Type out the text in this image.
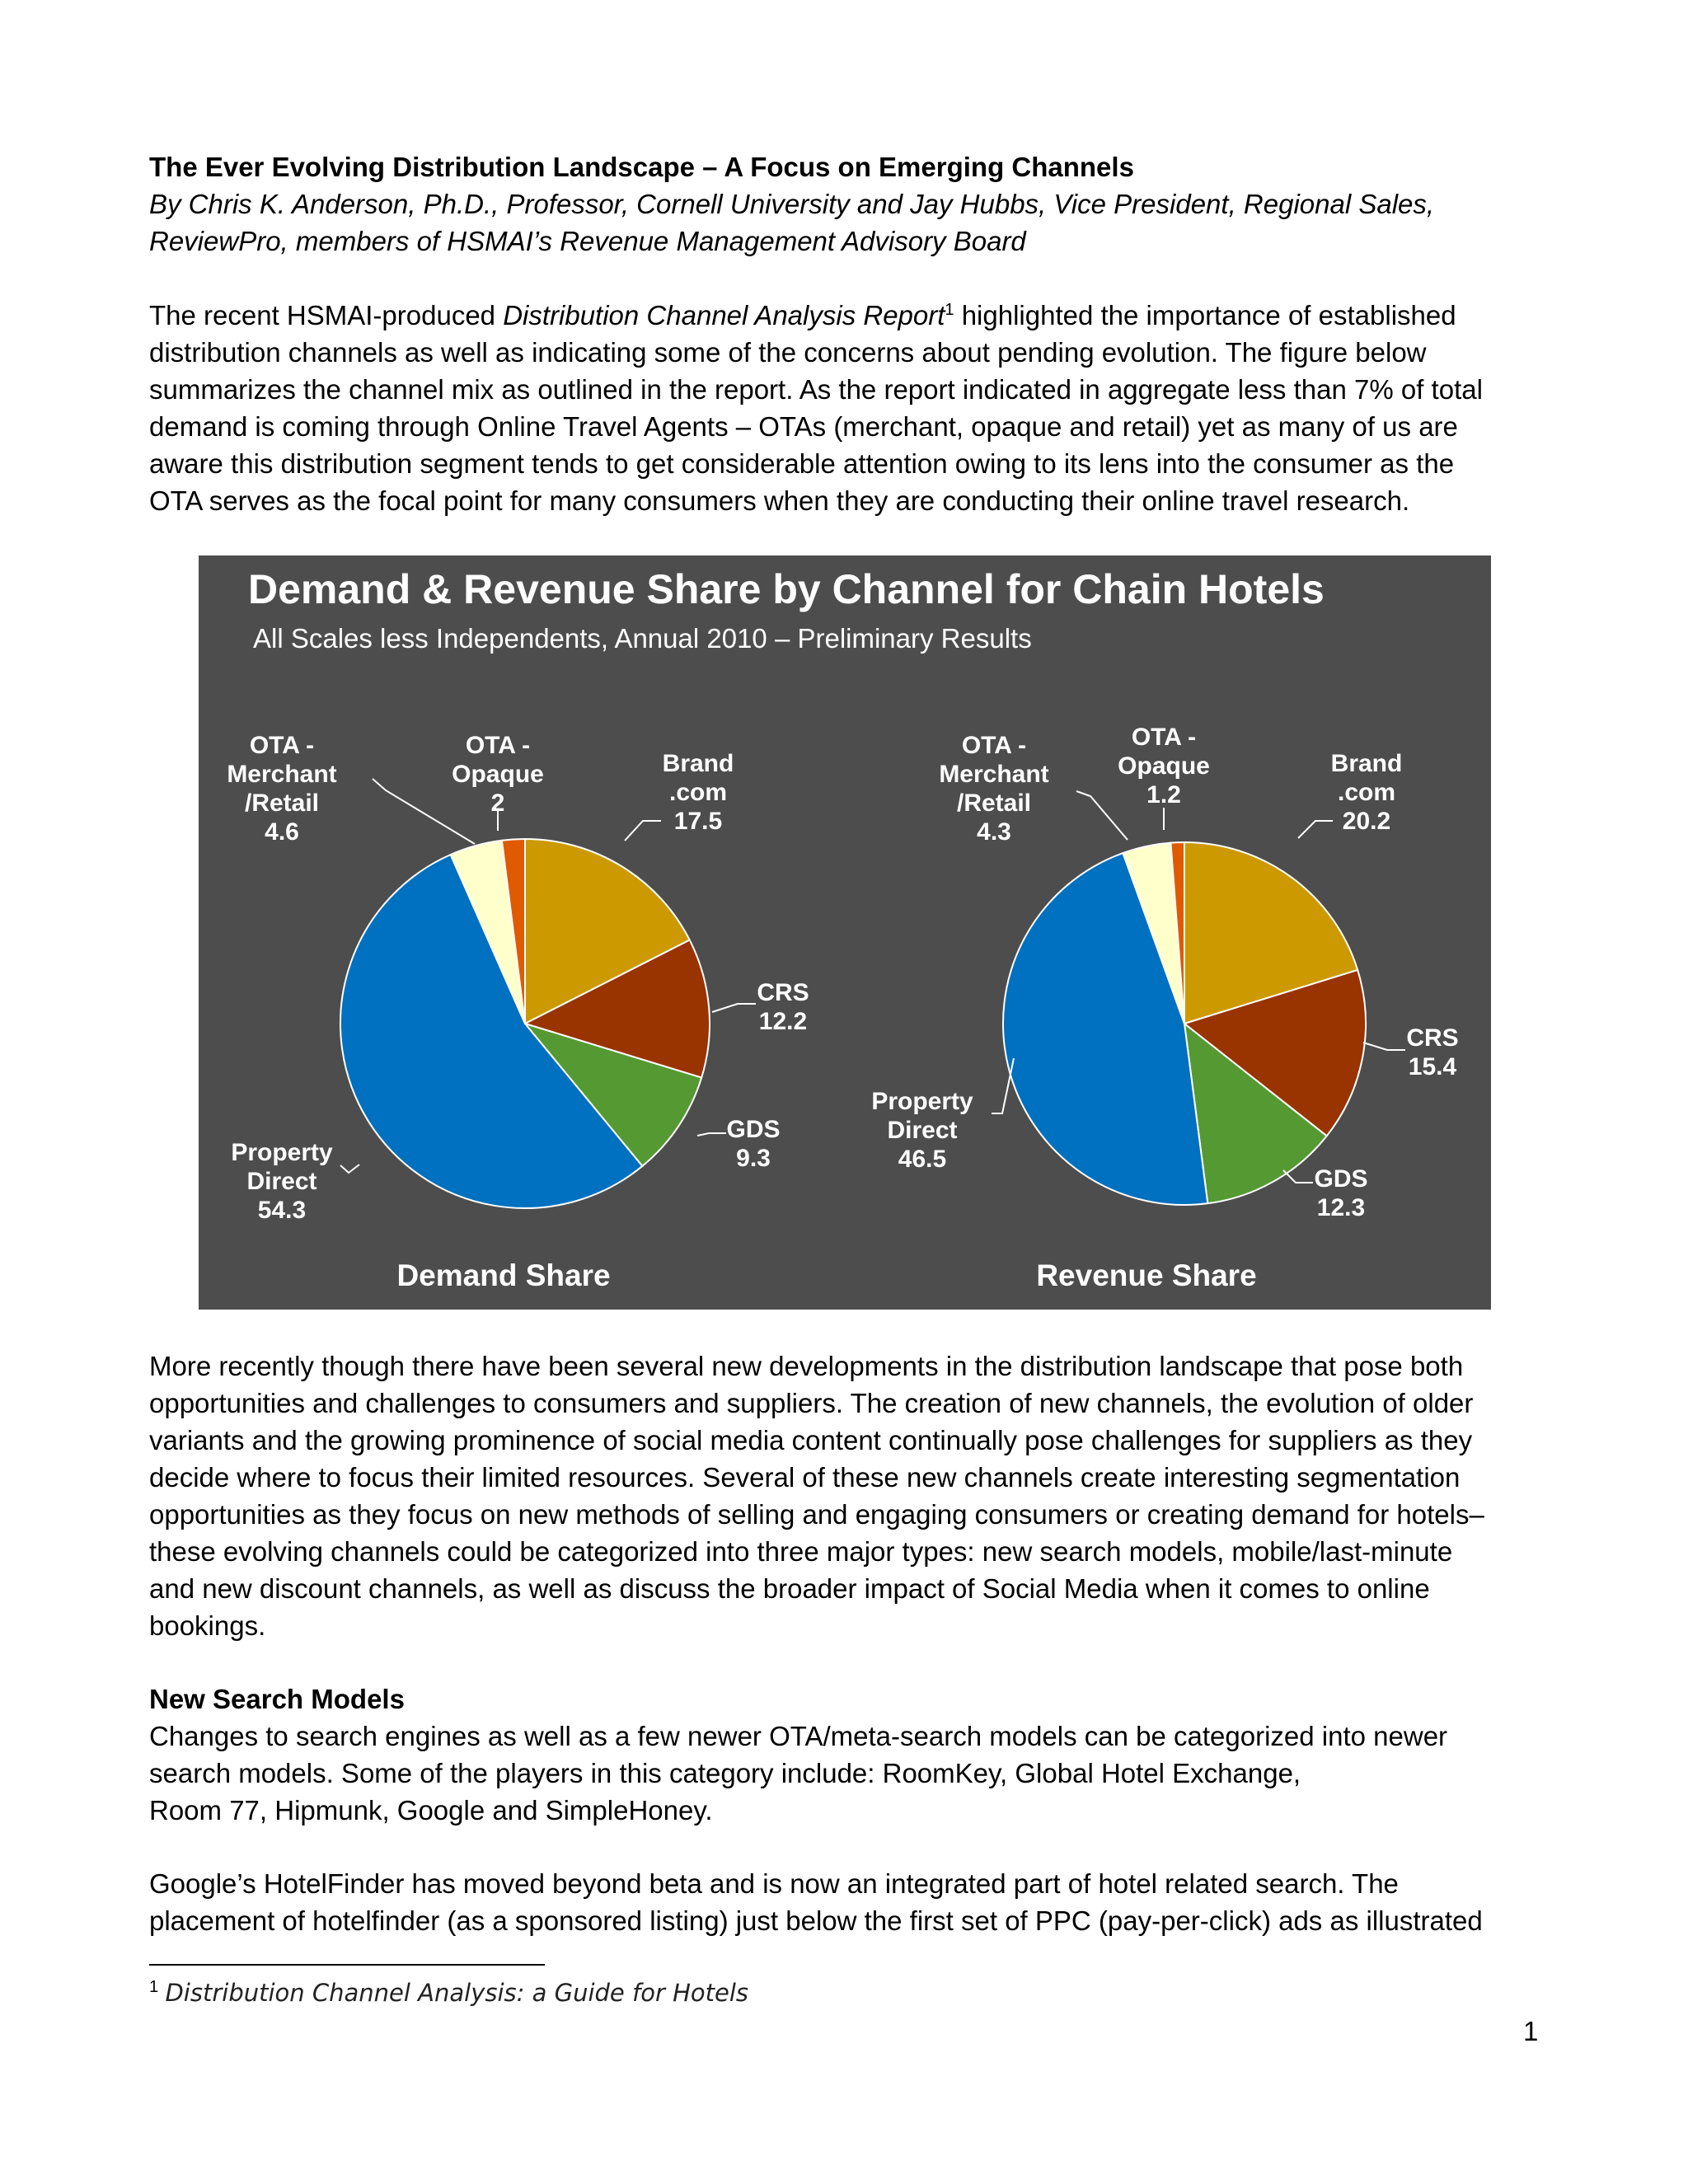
The Ever Evolving Distribution Landscape – A Focus on Emerging Channels
By Chris K. Anderson, Ph.D., Professor, Cornell University and Jay Hubbs, Vice President, Regional Sales,
ReviewPro, members of HSMAI’s Revenue Management Advisory Board
The recent HSMAI-produced Distribution Channel Analysis Report$^1$ highlighted the importance of established
distribution channels as well as indicating some of the concerns about pending evolution. The figure below
summarizes the channel mix as outlined in the report. As the report indicated in aggregate less than 7% of total
demand is coming through Online Travel Agents – OTAs (merchant, opaque and retail) yet as many of us are
aware this distribution segment tends to get considerable attention owing to its lens into the consumer as the
OTA serves as the focal point for many consumers when they are conducting their online travel research.
Demand & Revenue Share by Channel for Chain Hotels
All Scales less Independents, Annual 2010 – Preliminary Results
Brand .com 17.5
CRS 12.2
GDS 9.3
Property Direct 54.3
OTA -Merchant /Retail 4.6
OTA -Opaque 2
Demand Share
Brand .com 20.2
CRS 15.4
GDS 12.3
Property Direct 46.5
OTA -Merchant /Retail 4.3
OTA -Opaque 1.2
Revenue Share
More recently though there have been several new developments in the distribution landscape that pose both
opportunities and challenges to consumers and suppliers. The creation of new channels, the evolution of older
variants and the growing prominence of social media content continually pose challenges for suppliers as they
decide where to focus their limited resources. Several of these new channels create interesting segmentation
opportunities as they focus on new methods of selling and engaging consumers or creating demand for hotels–
these evolving channels could be categorized into three major types: new search models, mobile/last-minute
and new discount channels, as well as discuss the broader impact of Social Media when it comes to online
bookings.
New Search Models
Changes to search engines as well as a few newer OTA/meta-search models can be categorized into newer
search models. Some of the players in this category include: RoomKey, Global Hotel Exchange,
Room 77, Hipmunk, Google and SimpleHoney.
Google’s HotelFinder has moved beyond beta and is now an integrated part of hotel related search. The
placement of hotelfinder (as a sponsored listing) just below the first set of PPC (pay-per-click) ads as illustrated
$^1$ Distribution Channel Analysis: a Guide for Hotels
1
